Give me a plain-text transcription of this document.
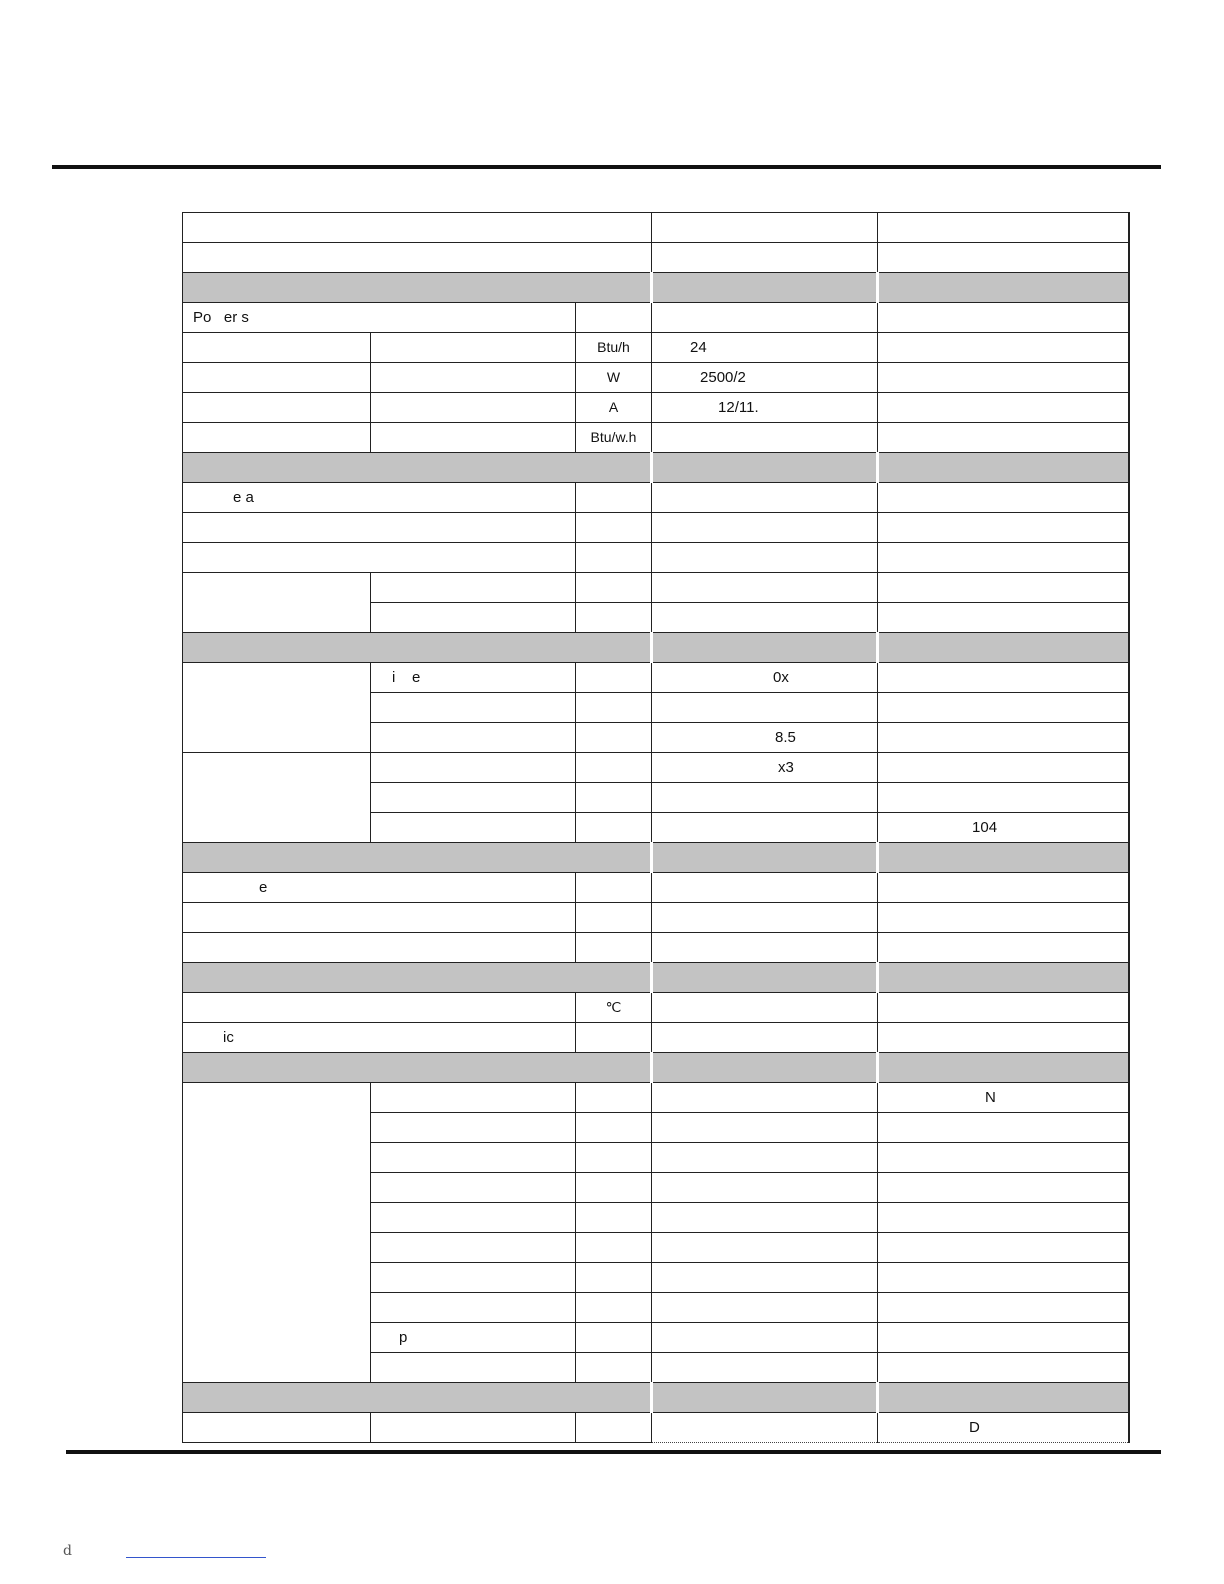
Po   er s				
		Btu/h	24	
		W	2500/2	
		A	12/11.	
		Btu/w.h		

e a				

	i    e		0x	

			8.5	
			x3	

				104

e				

		℃		
ic				

				N

	p			

				D
d
